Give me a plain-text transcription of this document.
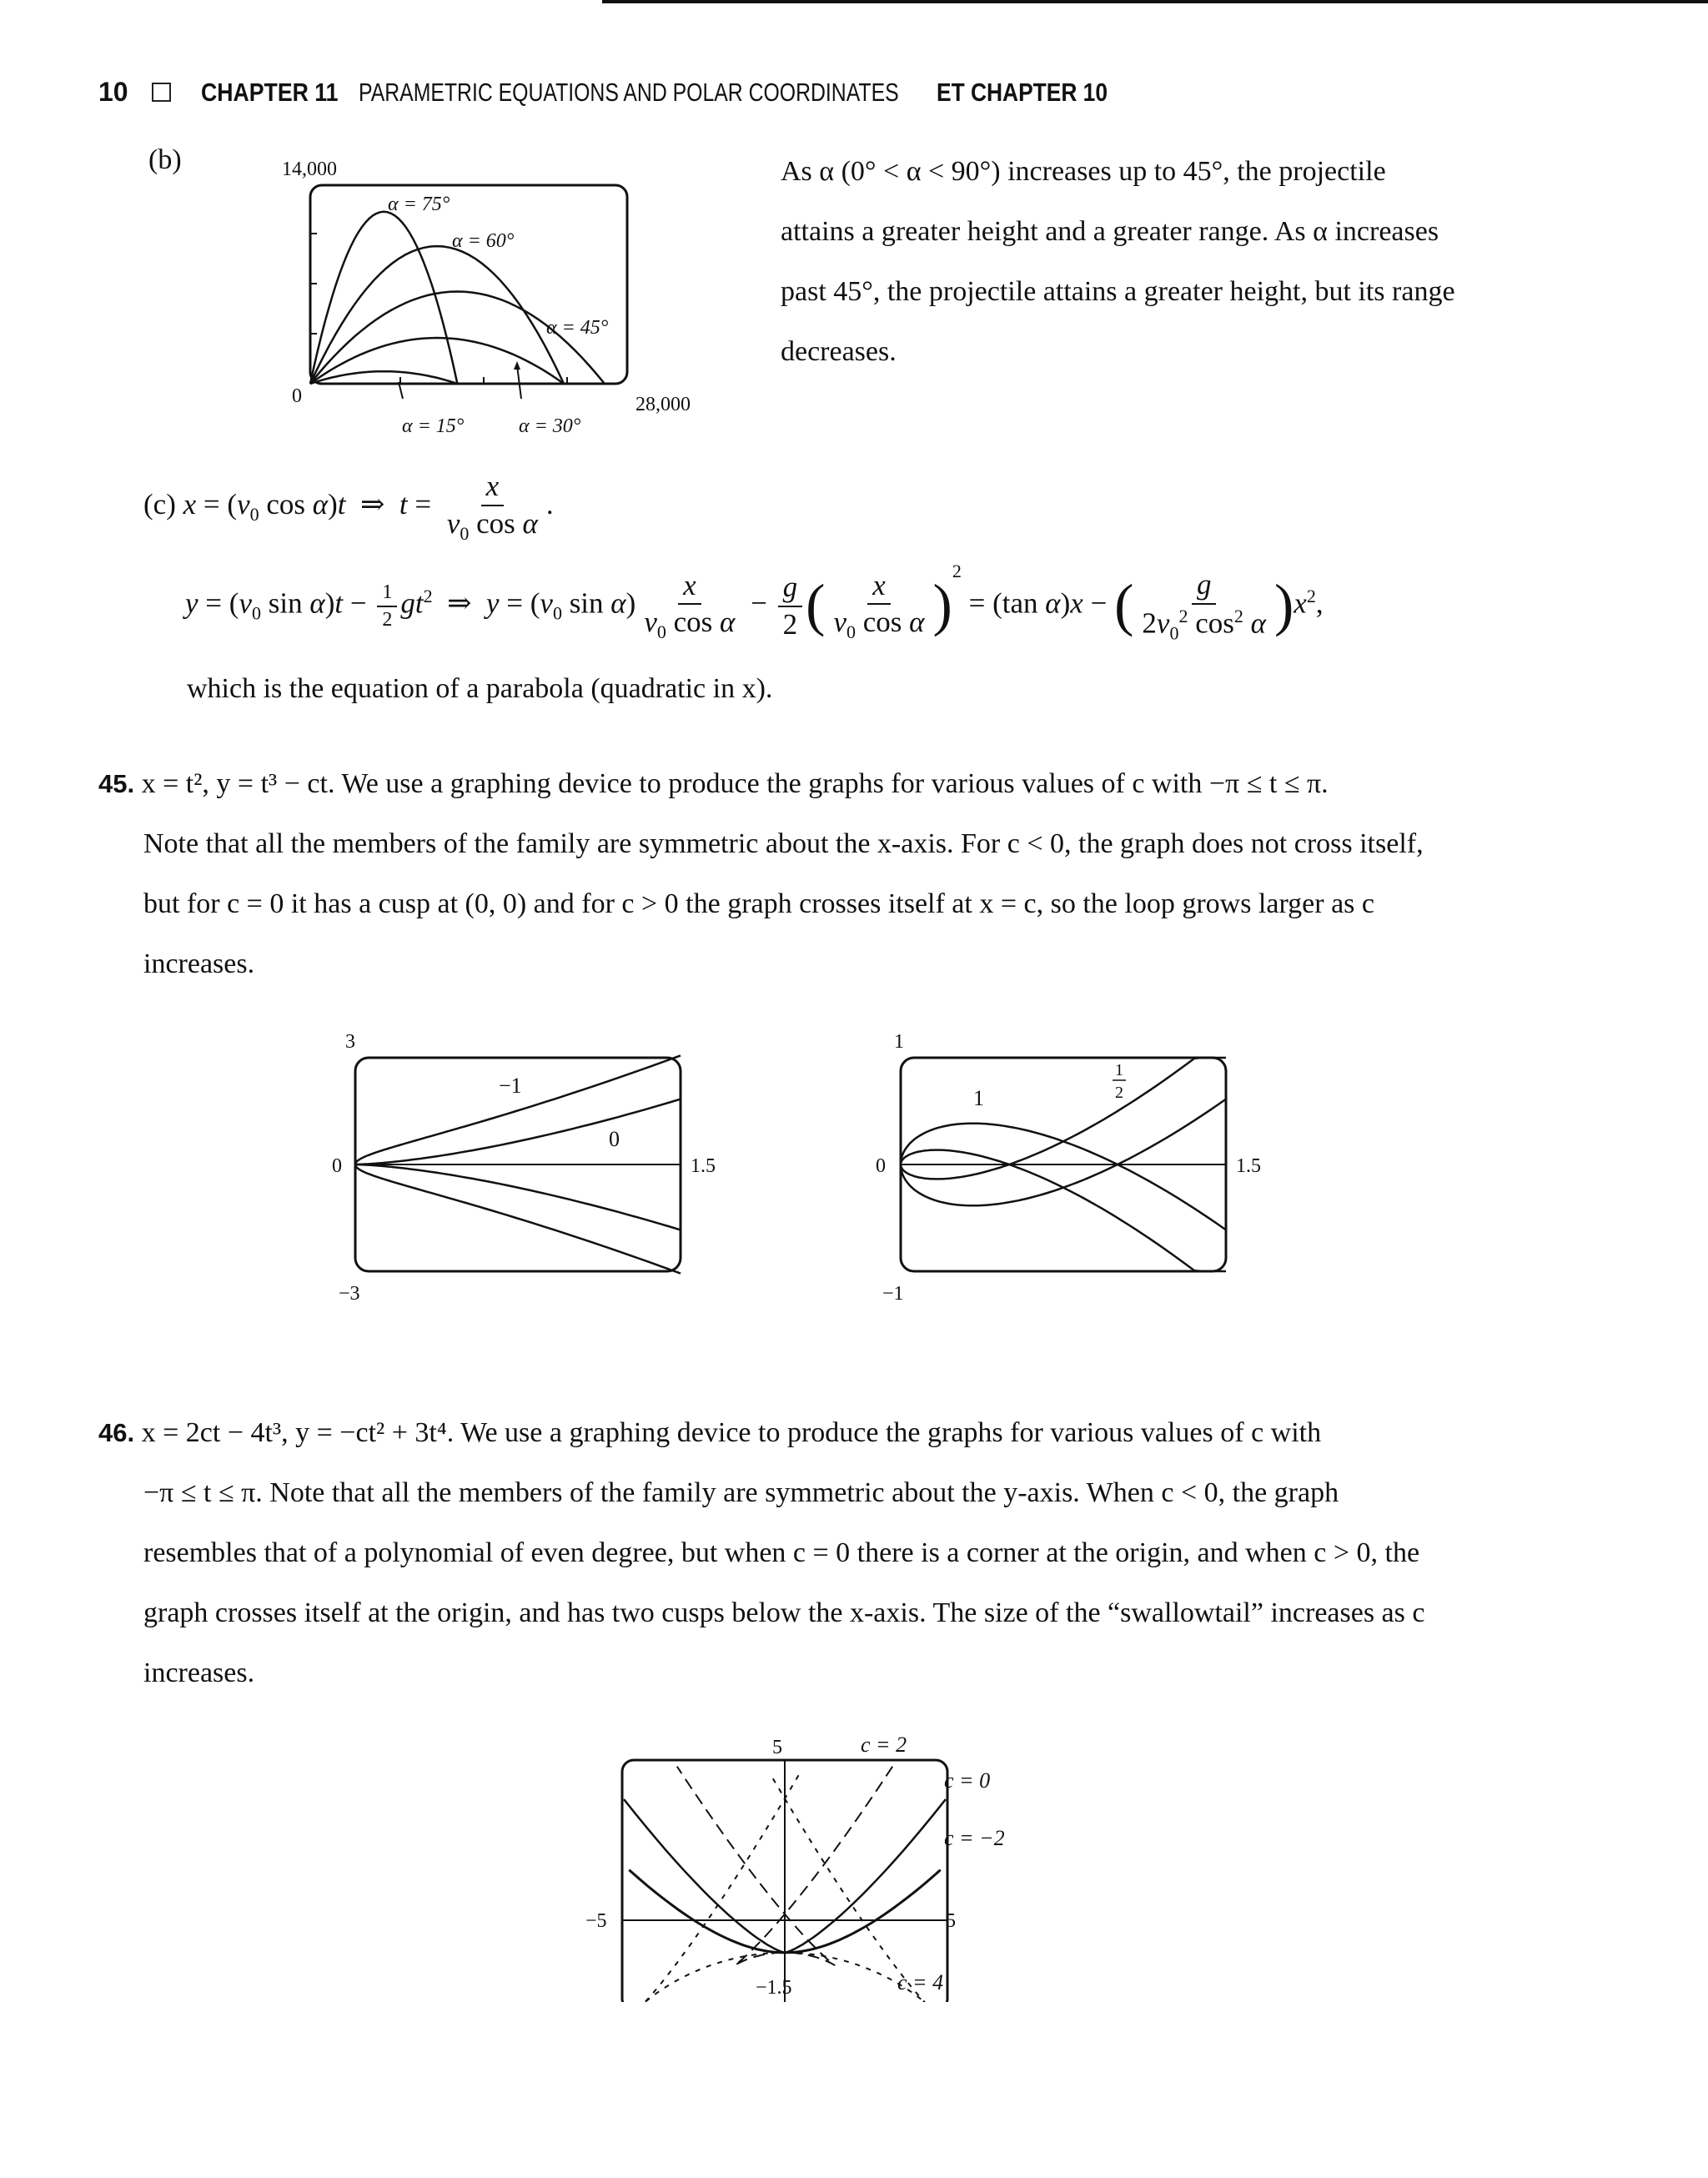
10	CHAPTER 11 PARAMETRIC EQUATIONS AND POLAR COORDINATES ET CHAPTER 10
(b)	14,000
0	28,000
α = 75°
α = 60°
α = 45°
α = 15°	α = 30°
As α (0° < α < 90°) increases up to 45°, the projectile
attains a greater height and a greater range. As α increases
past 45°, the projectile attains a greater height, but its range
decreases.
(c) $x = (v_0$ cos α)t  ⇒  $t = \frac{x}{v_0 \cos \alpha}$ .
$y = (v_0$ $\sin \alpha)t - \frac{1}{2} gt^2$  ⇒  $y = (v_0$ $\sin \alpha) \frac{x}{v_0 \cos \alpha} - \frac{g}{2}$ ( $\frac{x}{v_0 \cos \alpha} )^2 = (\tan$ α)x − ( $\frac{g}{2v_0^2 \cos^2 \alpha} )x^2$,
which is the equation of a parabola (quadratic in x).
45. x = t², y = t³ − ct. We use a graphing device to produce the graphs for various values of c with −π ≤ t ≤ π.
Note that all the members of the family are symmetric about the x-axis. For c < 0, the graph does not cross itself,
but for c = 0 it has a cusp at (0, 0) and for c > 0 the graph crosses itself at x = c, so the loop grows larger as c
increases.
3
0	1.5
−3
−1
0
1
0	1.5
−1
1
1
2
46. x = 2ct − 4t³, y = −ct² + 3t⁴. We use a graphing device to produce the graphs for various values of c with
−π ≤ t ≤ π. Note that all the members of the family are symmetric about the y-axis. When c < 0, the graph
resembles that of a polynomial of even degree, but when c = 0 there is a corner at the origin, and when c > 0, the
graph crosses itself at the origin, and has two cusps below the x-axis. The size of the “swallowtail” increases as c
increases.
5
−5	5
−1.5
c = 2
c = 0
c = −2
c = 4
